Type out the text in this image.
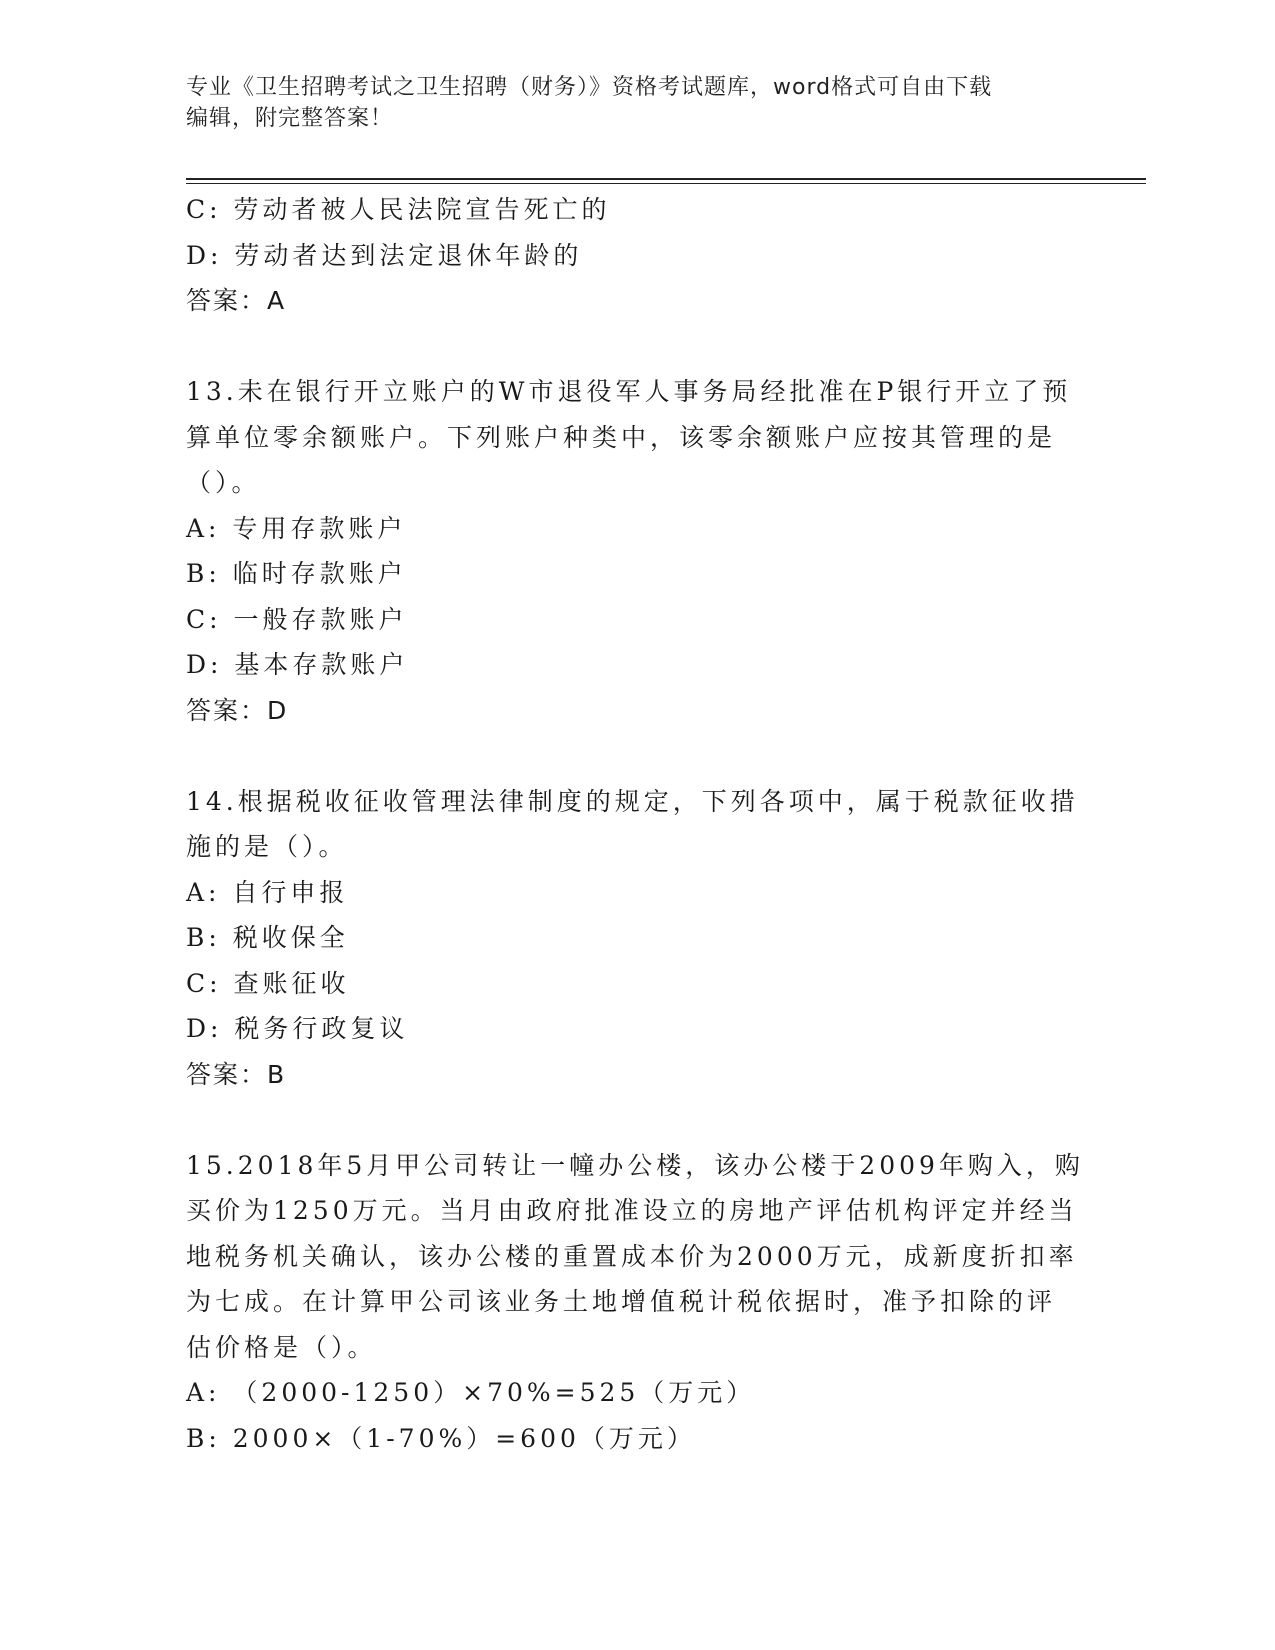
专业《卫生招聘考试之卫生招聘（财务）》资格考试题库，word格式可自由下载
编辑，附完整答案！
C: 劳动者被人民法院宣告死亡的
D: 劳动者达到法定退休年龄的
答案：A
13.未在银行开立账户的W市退役军人事务局经批准在P银行开立了预
算单位零余额账户。下列账户种类中，该零余额账户应按其管理的是
（）。
A: 专用存款账户
B: 临时存款账户
C: 一般存款账户
D: 基本存款账户
答案：D
14.根据税收征收管理法律制度的规定，下列各项中，属于税款征收措
施的是（）。
A: 自行申报
B: 税收保全
C: 查账征收
D: 税务行政复议
答案：B
15.2018年5月甲公司转让一幢办公楼，该办公楼于2009年购入，购
买价为1250万元。当月由政府批准设立的房地产评估机构评定并经当
地税务机关确认，该办公楼的重置成本价为2000万元，成新度折扣率
为七成。在计算甲公司该业务土地增值税计税依据时，准予扣除的评
估价格是（）。
A: （2000-1250）×70%=525（万元）
B: 2000×（1-70%）=600（万元）
